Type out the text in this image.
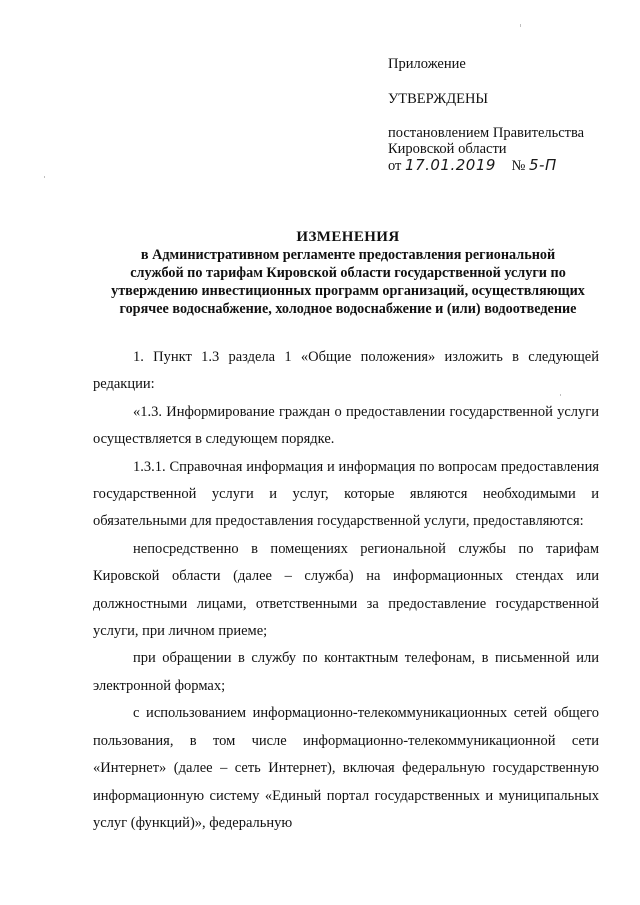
Приложение
УТВЕРЖДЕНЫ
постановлением Правительства
Кировской области
от 17.01.2019 № 5-П
ИЗМЕНЕНИЯ
в Административном регламенте предоставления региональной
службой по тарифам Кировской области государственной услуги по
утверждению инвестиционных программ организаций, осуществляющих
горячее водоснабжение, холодное водоснабжение и (или) водоотведение

1. Пункт 1.3 раздела 1 «Общие положения» изложить в следующей редакции:

«1.3. Информирование граждан о предоставлении государственной услуги осуществляется в следующем порядке.

1.3.1. Справочная информация и информация по вопросам предоставления государственной услуги и услуг, которые являются необходимыми и обязательными для предоставления государственной услуги, предоставляются:

непосредственно в помещениях региональной службы по тарифам Кировской области (далее – служба) на информационных стендах или должностными лицами, ответственными за предоставление государственной услуги, при личном приеме;

при обращении в службу по контактным телефонам, в письменной или электронной формах;

с использованием информационно-телекоммуникационных сетей общего пользования, в том числе информационно-телекоммуникационной сети «Интернет» (далее – сеть Интернет), включая федеральную государственную информационную систему «Единый портал государственных и муниципальных услуг (функций)», федеральную
